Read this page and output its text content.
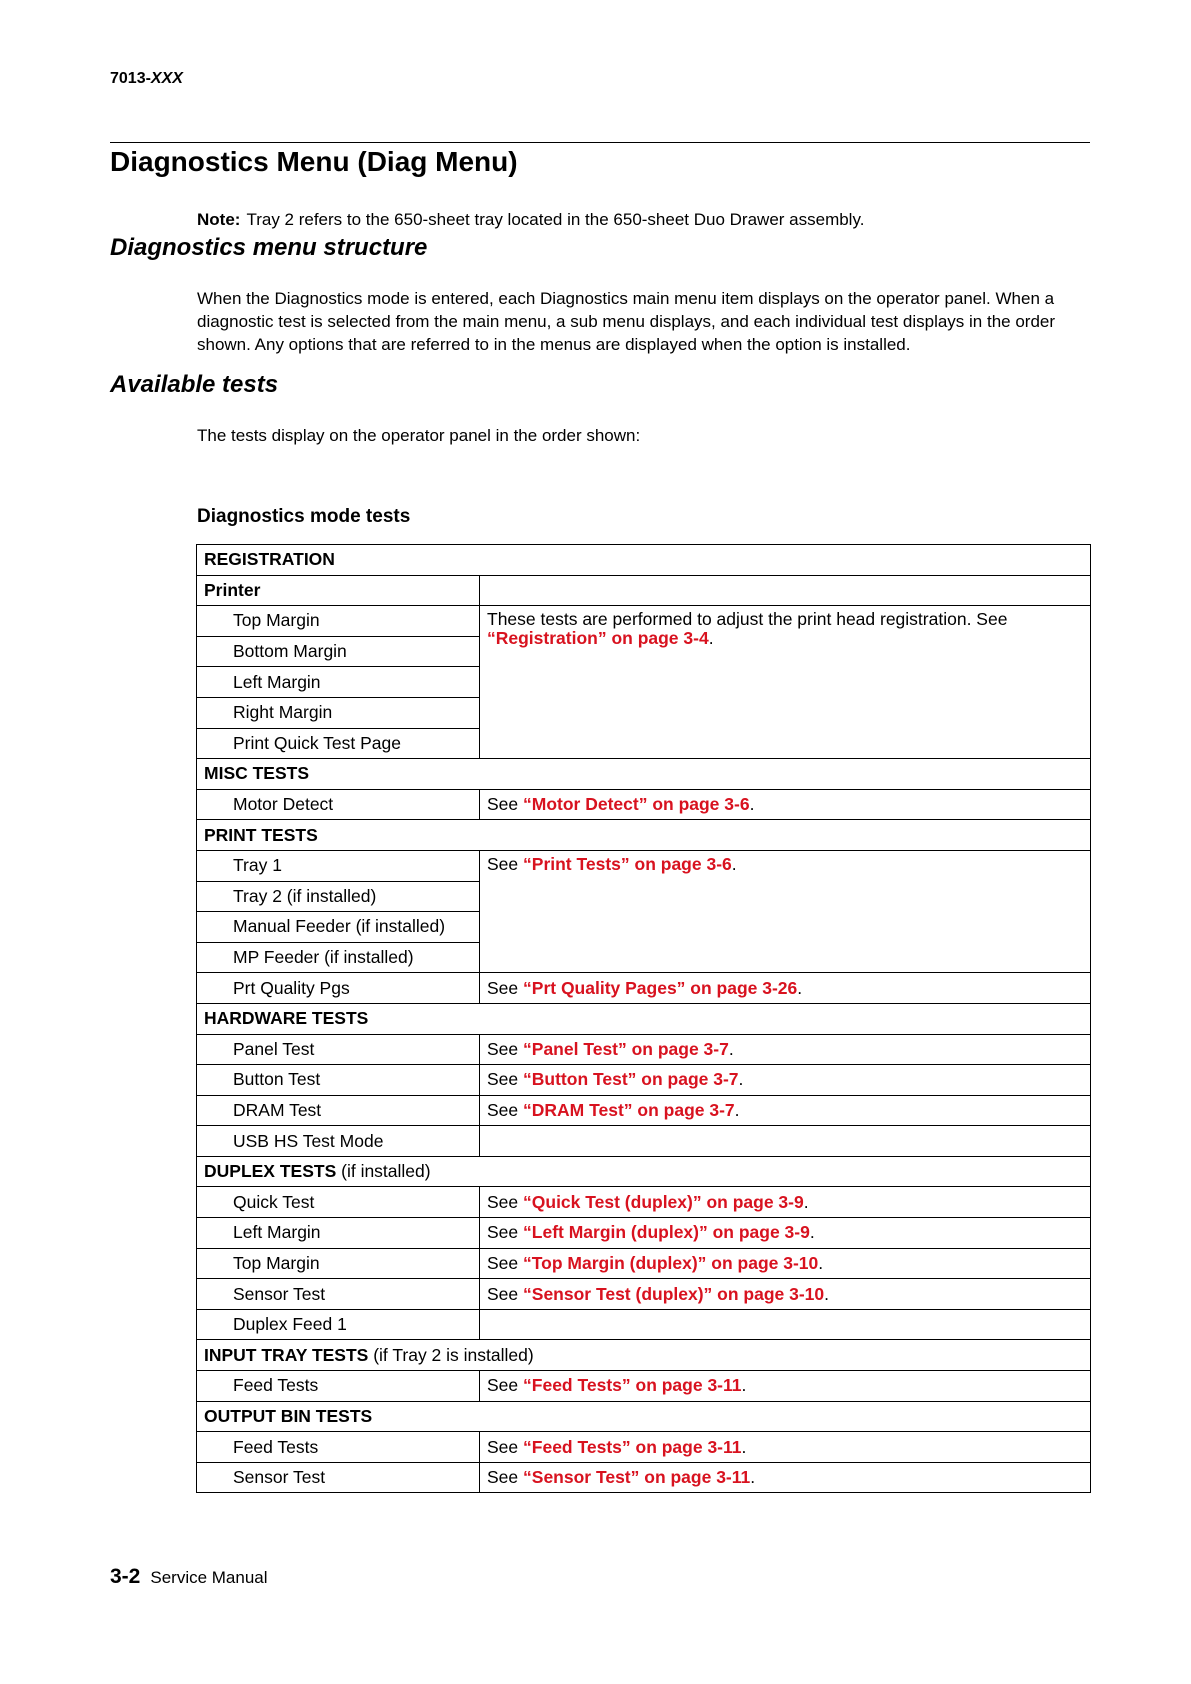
7013-XXX
Diagnostics Menu (Diag Menu)
Note: Tray 2 refers to the 650-sheet tray located in the 650-sheet Duo Drawer assembly.
Diagnostics menu structure

When the Diagnostics mode is entered, each Diagnostics main menu item displays on the operator panel. When a diagnostic test is selected from the main menu, a sub menu displays, and each individual test displays in the order shown. Any options that are referred to in the menus are displayed when the option is installed.

Available tests

The tests display on the operator panel in the order shown:

Diagnostics mode tests
REGISTRATION	
Printer	
Top Margin	These tests are performed to adjust the print head registration. See
“Registration” on page 3-4.
Bottom Margin	
Left Margin	
Right Margin	
Print Quick Test Page	
MISC TESTS	
Motor Detect	See “Motor Detect” on page 3-6.
PRINT TESTS	
Tray 1	See “Print Tests” on page 3-6.
Tray 2 (if installed)	
Manual Feeder (if installed)	
MP Feeder (if installed)	
Prt Quality Pgs	See “Prt Quality Pages” on page 3-26.
HARDWARE TESTS	
Panel Test	See “Panel Test” on page 3-7.
Button Test	See “Button Test” on page 3-7.
DRAM Test	See “DRAM Test” on page 3-7.
USB HS Test Mode	
DUPLEX TESTS (if installed)	
Quick Test	See “Quick Test (duplex)” on page 3-9.
Left Margin	See “Left Margin (duplex)” on page 3-9.
Top Margin	See “Top Margin (duplex)” on page 3-10.
Sensor Test	See “Sensor Test (duplex)” on page 3-10.
Duplex Feed 1	
INPUT TRAY TESTS (if Tray 2 is installed)	
Feed Tests	See “Feed Tests” on page 3-11.
OUTPUT BIN TESTS	
Feed Tests	See “Feed Tests” on page 3-11.
Sensor Test	See “Sensor Test” on page 3-11.
3-2 Service Manual
